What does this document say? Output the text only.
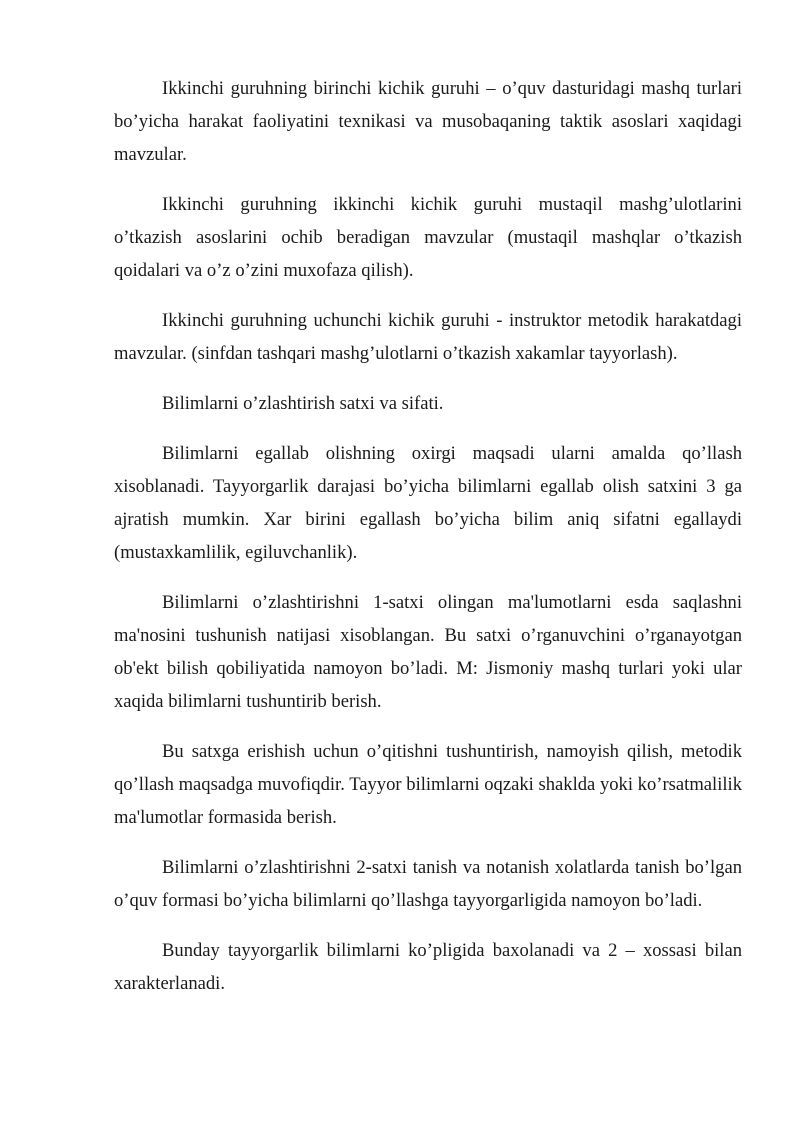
Ikkinchi guruhning birinchi kichik guruhi – o’quv dasturidagi mashq turlari bo’yicha harakat faoliyatini texnikasi va musobaqaning taktik asoslari xaqidagi mavzular.

Ikkinchi guruhning ikkinchi kichik guruhi mustaqil mashg’ulotlarini o’tkazish asoslarini ochib beradigan mavzular (mustaqil mashqlar o’tkazish qoidalari va o’z o’zini muxofaza qilish).

Ikkinchi guruhning uchunchi kichik guruhi - instruktor metodik harakatdagi mavzular. (sinfdan tashqari mashg’ulotlarni o’tkazish xakamlar tayyorlash).

Bilimlarni o’zlashtirish satxi va sifati.

Bilimlarni egallab olishning oxirgi maqsadi ularni amalda qo’llash xisoblanadi. Tayyorgarlik darajasi bo’yicha bilimlarni egallab olish satxini 3 ga ajratish mumkin. Xar birini egallash bo’yicha bilim aniq sifatni egallaydi (mustaxkamlilik, egiluvchanlik).

Bilimlarni o’zlashtirishni 1-satxi olingan ma'lumotlarni esda saqlashni ma'nosini tushunish natijasi xisoblangan. Bu satxi o’rganuvchini o’rganayotgan ob'ekt bilish qobiliyatida namoyon bo’ladi. M: Jismoniy mashq turlari yoki ular xaqida bilimlarni tushuntirib berish.

Bu satxga erishish uchun o’qitishni tushuntirish, namoyish qilish, metodik qo’llash maqsadga muvofiqdir. Tayyor bilimlarni oqzaki shaklda yoki ko’rsatmalilik ma'lumotlar formasida berish.

Bilimlarni o’zlashtirishni 2-satxi tanish va notanish xolatlarda tanish bo’lgan o’quv formasi bo’yicha bilimlarni qo’llashga tayyorgarligida namoyon bo’ladi.

Bunday tayyorgarlik bilimlarni ko’pligida baxolanadi va 2 – xossasi bilan xarakterlanadi.
